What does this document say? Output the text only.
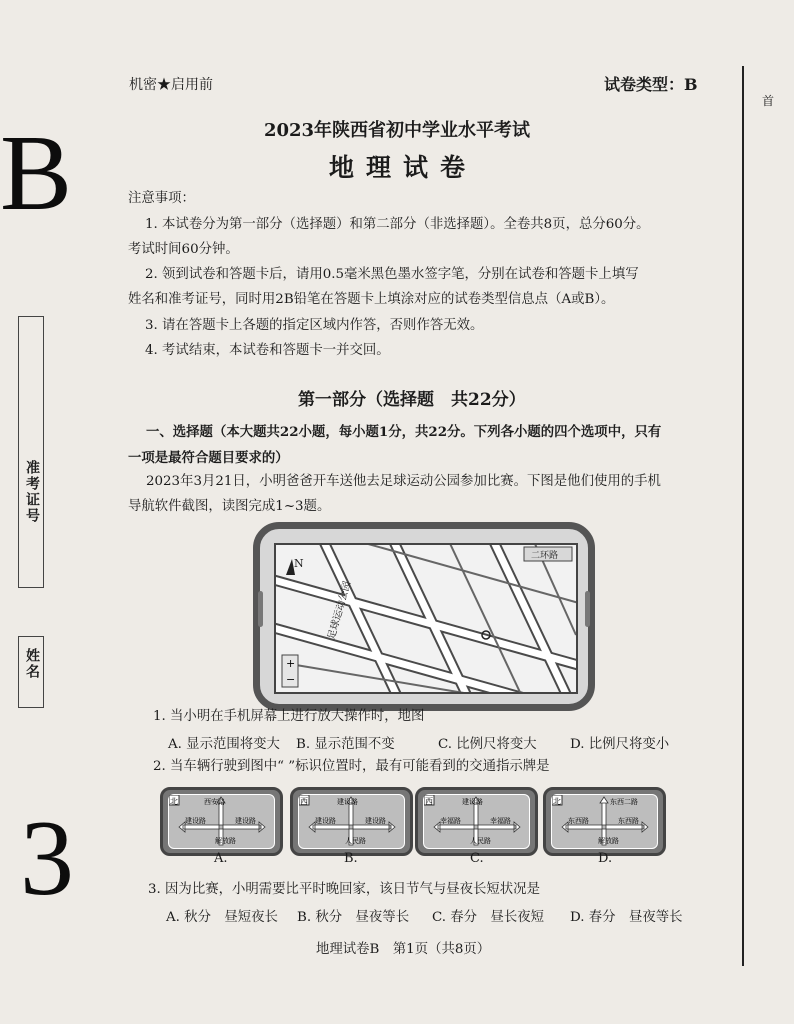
B
3
准考证号
姓名
机密★启用前	试卷类型：B
首
2023年陕西省初中学业水平考试
地理试卷
注意事项：
1. 本试卷分为第一部分（选择题）和第二部分（非选择题）。全卷共8页，总分60分。
考试时间60分钟。
2. 领到试卷和答题卡后，请用0.5毫米黑色墨水签字笔，分别在试卷和答题卡上填写
姓名和准考证号，同时用2B铅笔在答题卡上填涂对应的试卷类型信息点（A或B）。
3. 请在答题卡上各题的指定区域内作答，否则作答无效。
4. 考试结束，本试卷和答题卡一并交回。
第一部分（选择题　共22分）
一、选择题（本大题共22小题，每小题1分，共22分。下列各小题的四个选项中，只有
一项是最符合题目要求的）
2023年3月21日，小明爸爸开车送他去足球运动公园参加比赛。下图是他们使用的手机
导航软件截图，读图完成1~3题。
二环路
N
足球运动公园
+
−
1. 当小明在手机屏幕上进行放大操作时，地图
A. 显示范围将变大 B. 显示范围不变	C. 比例尺将变大 D. 比例尺将变小
2. 当车辆行驶到图中“ ”标识位置时，最有可能看到的交通指示牌是
北	西安路
建设路	建设路
解放路
西	建设路
建设路	建设路
人民路
西	建设路
幸福路	幸福路
人民路
北	东西二路
东西路	东西路
解放路
A.	B.	C.	D.
3. 因为比赛，小明需要比平时晚回家，该日节气与昼夜长短状况是
A. 秋分　昼短夜长 B. 秋分　昼夜等长 C. 春分　昼长夜短 D. 春分　昼夜等长
地理试卷B　第1页（共8页）
